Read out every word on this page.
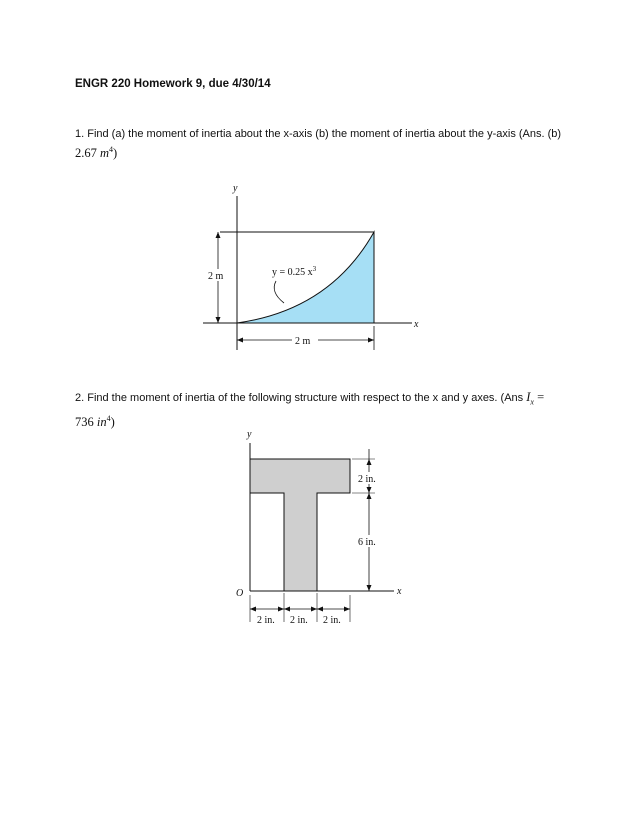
ENGR 220 Homework 9, due 4/30/14

1. Find (a) the moment of inertia about the x-axis (b) the moment of inertia about the y-axis (Ans. (b)
2.67 $m^4$)

y
x
2 m
2 m
y = 0.25 $x^3$

2. Find the moment of inertia of the following structure with respect to the x and y axes. (Ans $I_x$ =
736 $in^4$)

y
x
O
2 in.
6 in.
2 in. 2 in. 2 in.
